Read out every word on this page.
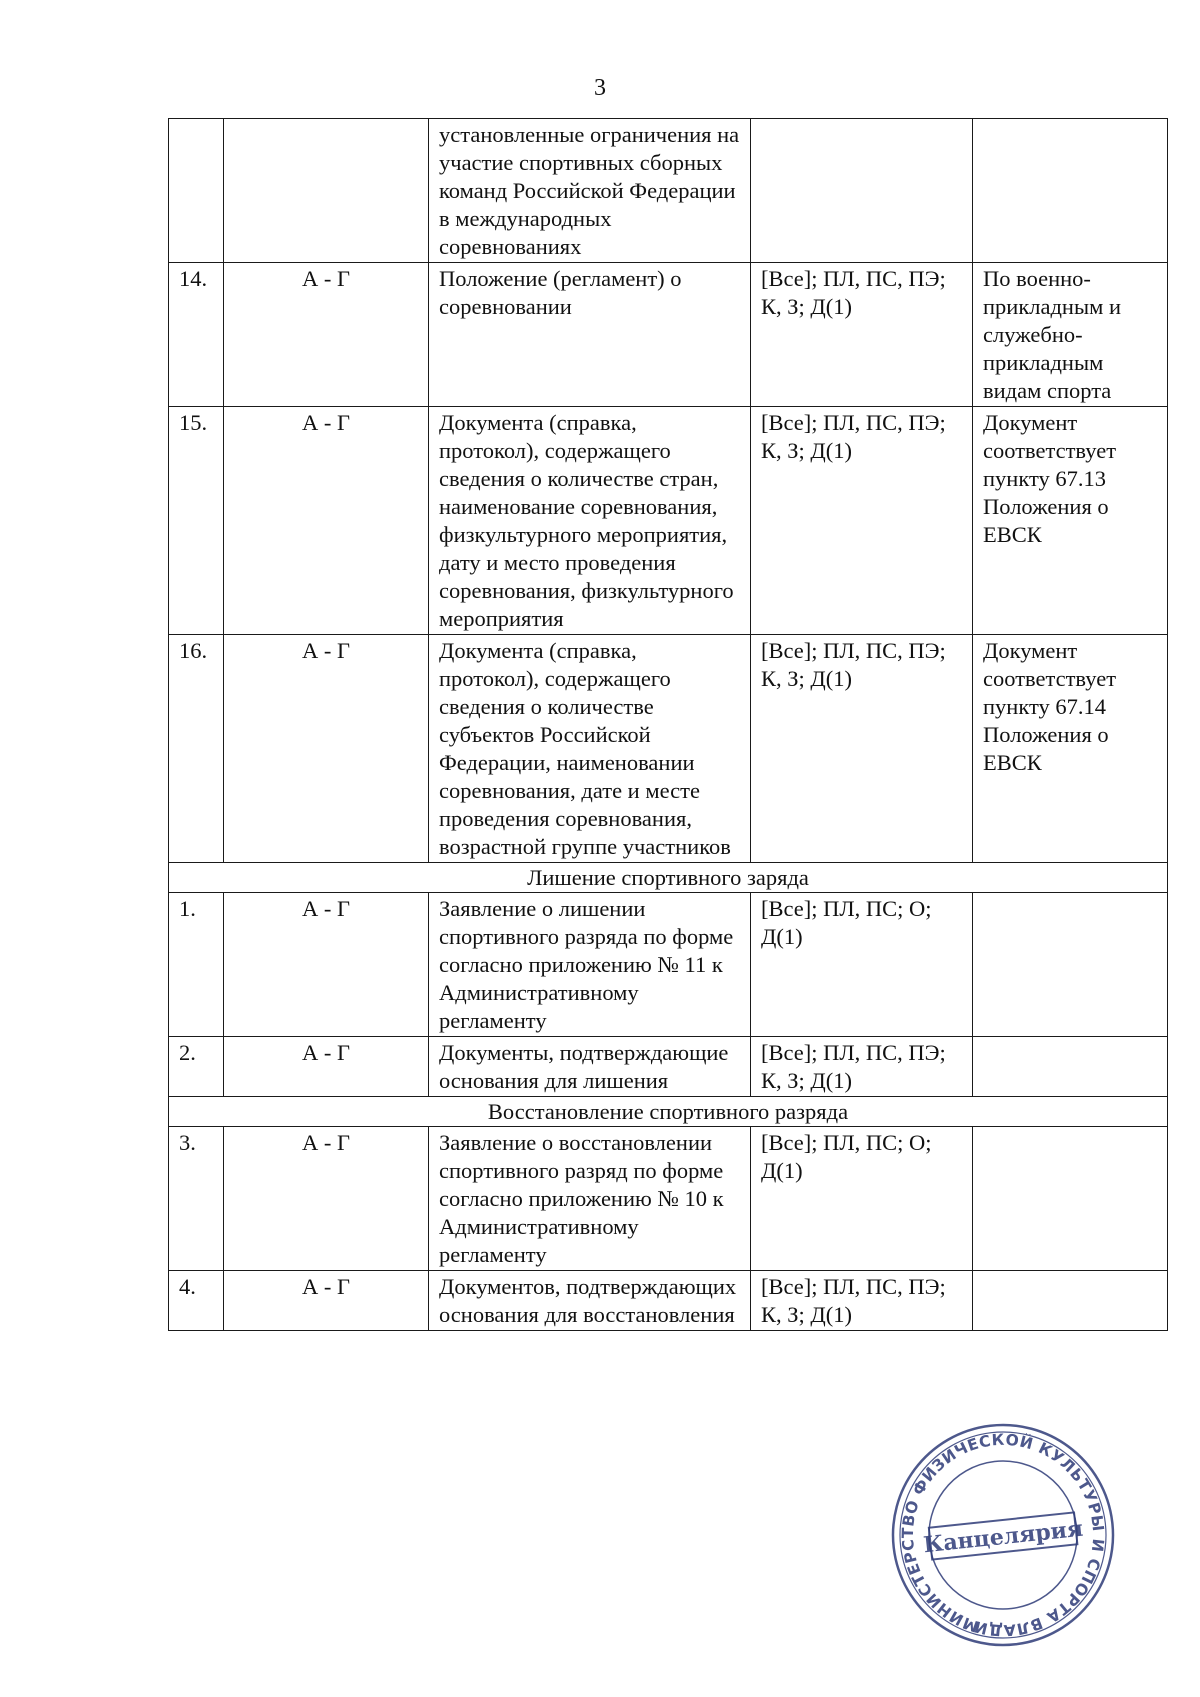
3
		установленные ограничения на участие спортивных сборных команд Российской Федерации в международных соревнованиях		
14.	А - Г	Положение (регламент) о соревновании	[Все]; ПЛ, ПС, ПЭ; К, З; Д(1)	По военно-прикладным и служебно-прикладным видам спорта
15.	А - Г	Документа (справка, протокол), содержащего сведения о количестве стран, наименование соревнования, физкультурного мероприятия, дату и место проведения соревнования, физкультурного мероприятия	[Все]; ПЛ, ПС, ПЭ; К, З; Д(1)	Документ соответствует пункту 67.13 Положения о ЕВСК
16.	А - Г	Документа (справка, протокол), содержащего сведения о количестве субъектов Российской Федерации, наименовании соревнования, дате и месте проведения соревнования, возрастной группе участников	[Все]; ПЛ, ПС, ПЭ; К, З; Д(1)	Документ соответствует пункту 67.14 Положения о ЕВСК
Лишение спортивного заряда				
1.	А - Г	Заявление о лишении спортивного разряда по форме согласно приложению № 11 к Административному регламенту	[Все]; ПЛ, ПС; О; Д(1)	
2.	А - Г	Документы, подтверждающие основания для лишения	[Все]; ПЛ, ПС, ПЭ; К, З; Д(1)	
Восстановление спортивного разряда				
3.	А - Г	Заявление о восстановлении спортивного разряд по форме согласно приложению № 10 к Административному регламенту	[Все]; ПЛ, ПС; О; Д(1)	
4.	А - Г	Документов, подтверждающих основания для восстановления	[Все]; ПЛ, ПС, ПЭ; К, З; Д(1)	
МИНИСТЕРСТВО ФИЗИЧЕСКОЙ КУЛЬТУРЫ И СПОРТА ВЛАДИМИРСКОЙ
Канцелярия
